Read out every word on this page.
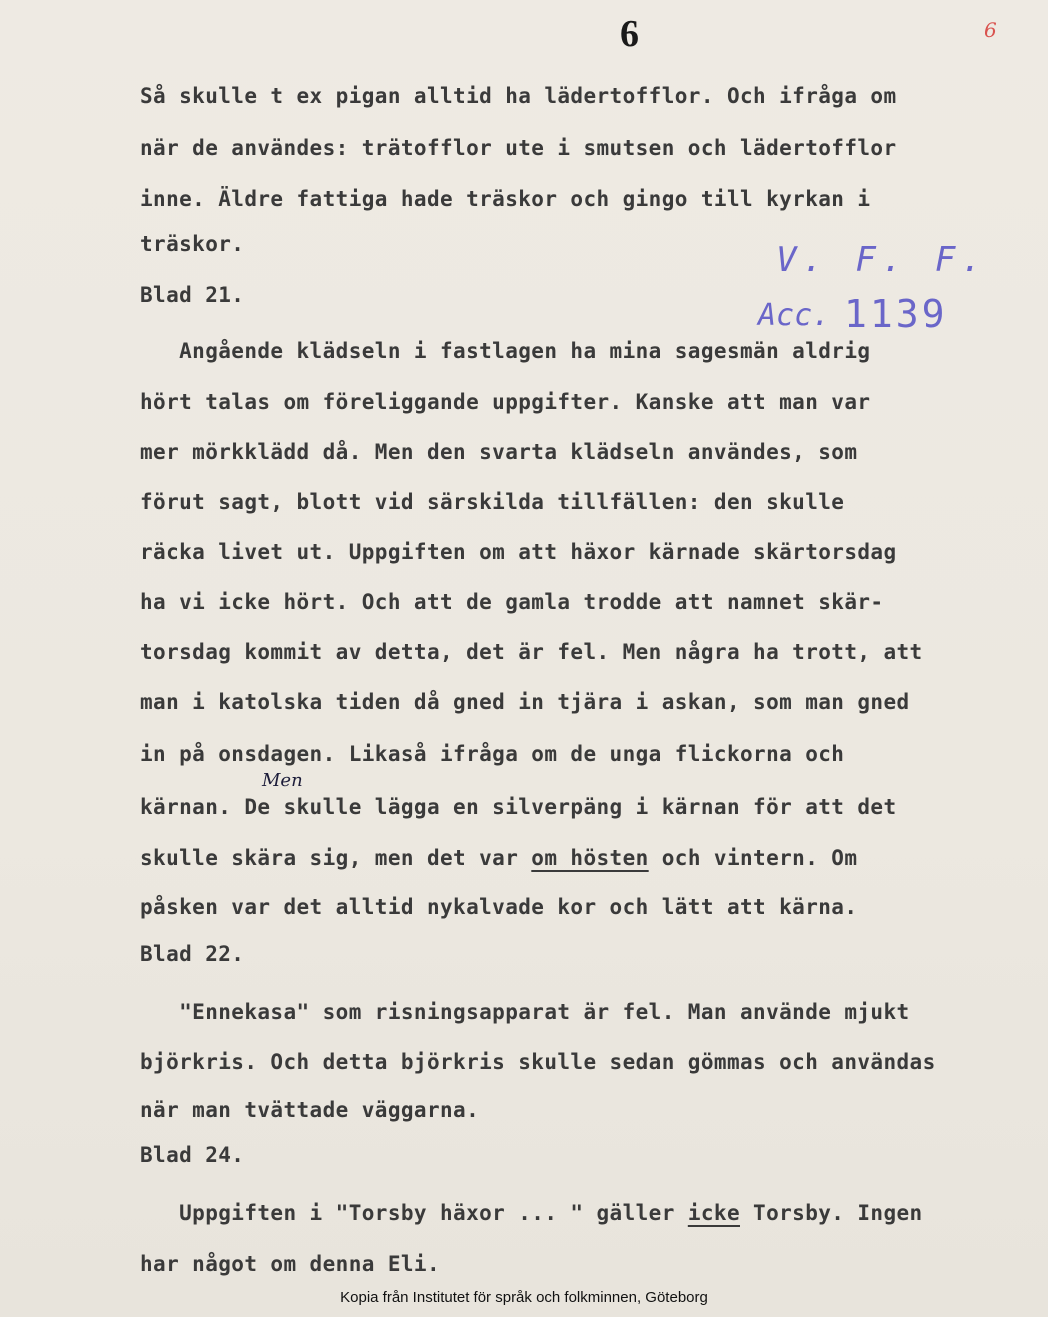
6	6
V. F. F.
Acc. 1139
Så skulle t ex pigan alltid ha lädertofflor. Och ifråga om
när de användes: trätofflor ute i smutsen och lädertofflor
inne. Äldre fattiga hade träskor och gingo till kyrkan i
träskor.
Blad 21.
Angående klädseln i fastlagen ha mina sagesmän aldrig
hört talas om föreliggande uppgifter. Kanske att man var
mer mörkklädd då. Men den svarta klädseln användes, som
förut sagt, blott vid särskilda tillfällen: den skulle
räcka livet ut. Uppgiften om att häxor kärnade skärtorsdag
ha vi icke hört. Och att de gamla trodde att namnet skär-
torsdag kommit av detta, det är fel. Men några ha trott, att
man i katolska tiden då gned in tjära i askan, som man gned
in på onsdagen. Likaså ifråga om de unga flickorna och
Men
kärnan. De skulle lägga en silverpäng i kärnan för att det
skulle skära sig, men det var om hösten och vintern. Om
påsken var det alltid nykalvade kor och lätt att kärna.
Blad 22.
"Ennekasa" som risningsapparat är fel. Man använde mjukt
björkris. Och detta björkris skulle sedan gömmas och användas
när man tvättade väggarna.
Blad 24.
Uppgiften i "Torsby häxor ... " gäller icke Torsby. Ingen
har något om denna Eli.
Kopia från Institutet för språk och folkminnen, Göteborg
